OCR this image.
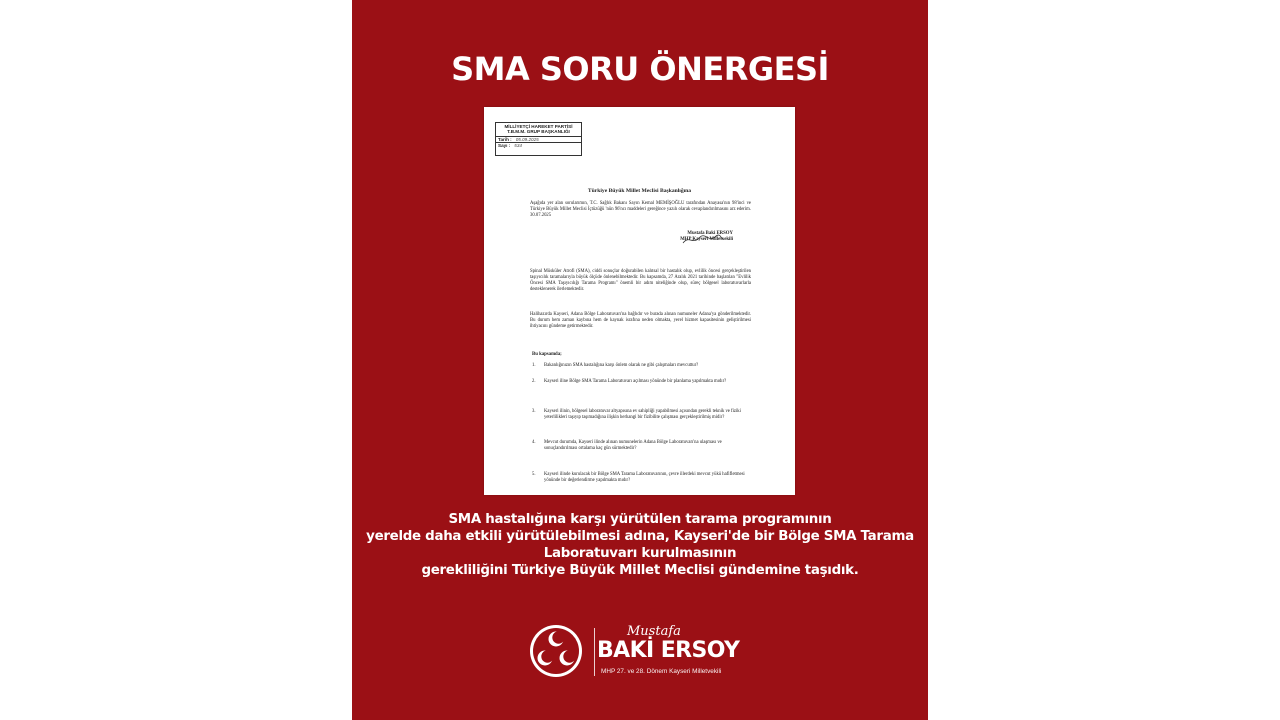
SMA SORU ÖNERGESİ
MİLLİYETÇİ HAREKET PARTİSİ
T.B.M.M. GRUP BAŞKANLIĞI
Tarih : 05.09.2025
Sayı : 534
Türkiye Büyük Millet Meclisi Başkanlığına
Aşağıda yer alan sorularımın, T.C. Sağlık Bakanı Sayın Kemal MEMİŞOĞLU tarafından Anayasa'nın 98'inci ve Türkiye Büyük Millet Meclisi İçtüzüğü 'nün 96'ncı maddeleri gereğince yazılı olarak cevaplandırılmasını arz ederim. 30.07.2025
Mustafa Baki ERSOY
MHP Kayseri Milletvekili
Spinal Müsküler Atrofi (SMA), ciddi sonuçlar doğurabilen kalıtsal bir hastalık olup, evlilik öncesi gerçekleştirilen taşıyıcılık taramalarıyla büyük ölçüde önlenebilmektedir. Bu kapsamda, 27 Aralık 2021 tarihinde başlatılan "Evlilik Öncesi SMA Taşıyıcılığı Tarama Programı" önemli bir adım niteliğinde olup, süreç bölgesel laboratuvarlarla desteklenerek ilerlemektedir.
Halihazırda Kayseri, Adana Bölge Laboratuvarı'na bağlıdır ve burada alınan numuneler Adana'ya gönderilmektedir. Bu durum hem zaman kaybına hem de kaynak israfına neden olmakta, yerel hizmet kapasitesinin geliştirilmesi ihtiyacını gündeme getirmektedir.
Bu kapsamda;
1.	Bakanlığınızın SMA hastalığına karşı önlem olarak ne gibi çalışmaları mevcuttur?
2.	Kayseri iline Bölge SMA Tarama Laboratuvarı açılması yönünde bir planlama yapılmakta mıdır?
3.	Kayseri ilinin, bölgesel laboratuvar altyapısına ev sahipliği yapabilmesi açısından gerekli teknik ve fiziki yeterlilikleri taşıyıp taşımadığına ilişkin herhangi bir fizibilite çalışması gerçekleştirilmiş midir?
4.	Mevcut durumda, Kayseri ilinde alınan numunelerin Adana Bölge Laboratuvarı'na ulaşması ve sonuçlandırılması ortalama kaç gün sürmektedir?
5.	Kayseri ilinde kurulacak bir Bölge SMA Tarama Laboratuvarının, çevre illerdeki mevcut yükü hafifletmesi yönünde bir değerlendirme yapılmakta mıdır?
SMA hastalığına karşı yürütülen tarama programının
yerelde daha etkili yürütülebilmesi adına, Kayseri'de bir Bölge SMA Tarama
Laboratuvarı kurulmasının
gerekliliğini Türkiye Büyük Millet Meclisi gündemine taşıdık.
Mustafa
BAKİ ERSOY
MHP 27. ve 28. Dönem Kayseri Milletvekili
